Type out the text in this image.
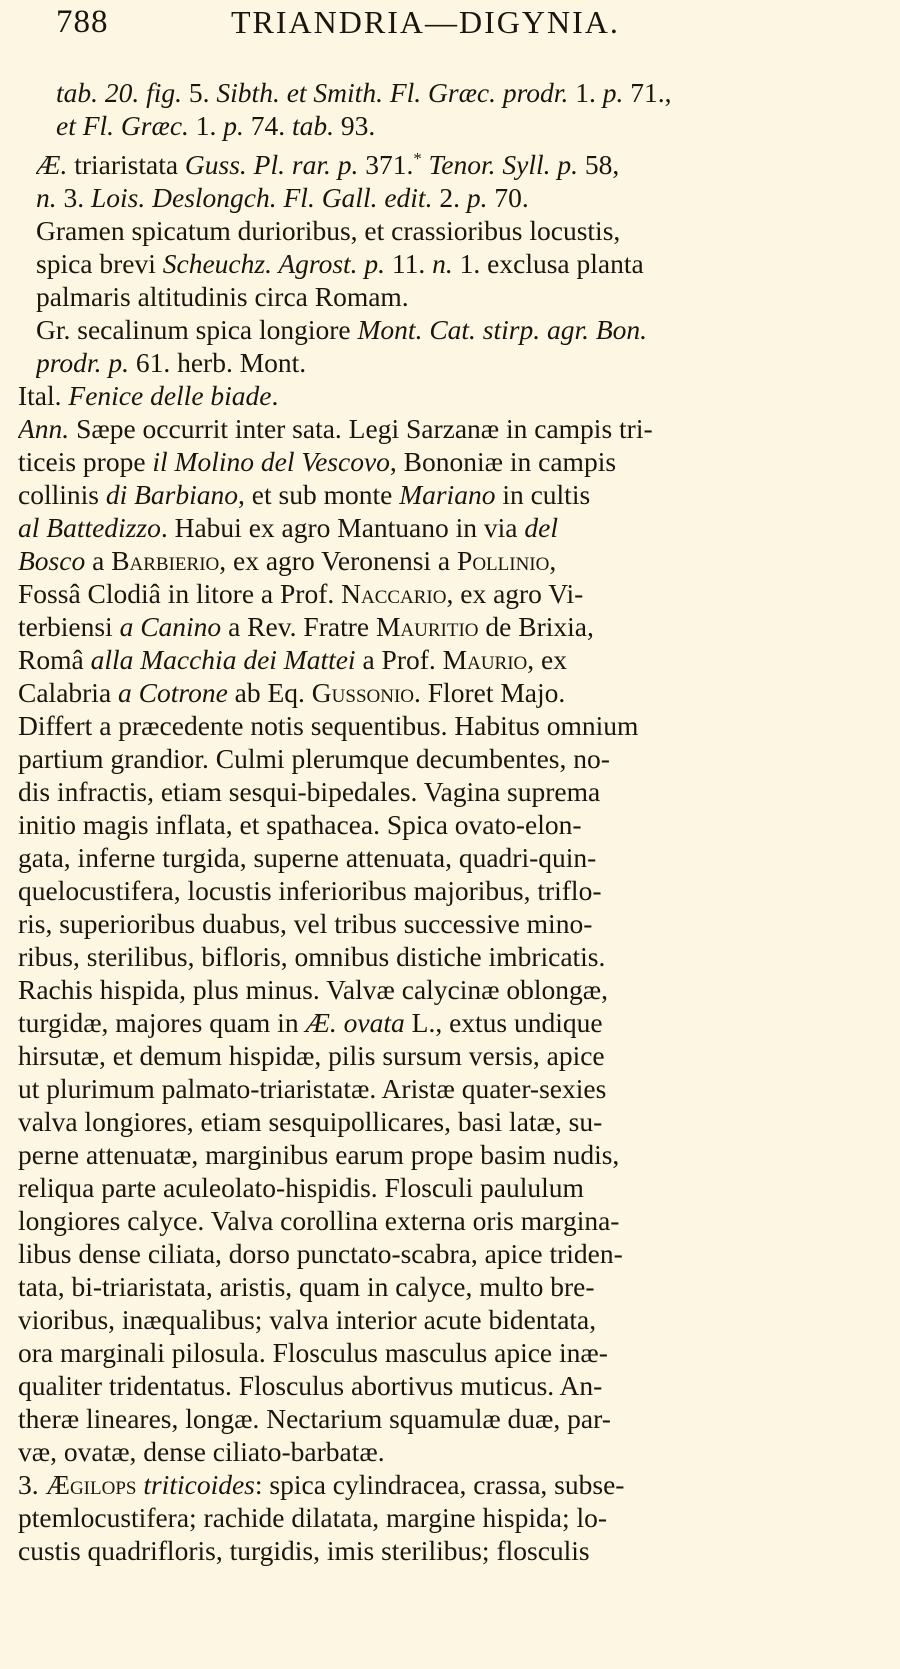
788	TRIANDRIA—DIGYNIA.
tab. 20. fig. 5. Sibth. et Smith. Fl. Græc. prodr. 1. p. 71.,
et Fl. Græc. 1. p. 74. tab. 93.
Æ. triaristata Guss. Pl. rar. p. 371.* Tenor. Syll. p. 58,
n. 3. Lois. Deslongch. Fl. Gall. edit. 2. p. 70.
Gramen spicatum durioribus, et crassioribus locustis,
spica brevi Scheuchz. Agrost. p. 11. n. 1. exclusa planta
palmaris altitudinis circa Romam.
Gr. secalinum spica longiore Mont. Cat. stirp. agr. Bon.
prodr. p. 61. herb. Mont.
Ital. Fenice delle biade.
Ann. Sæpe occurrit inter sata. Legi Sarzanæ in campis tri-
ticeis prope il Molino del Vescovo, Bononiæ in campis
collinis di Barbiano, et sub monte Mariano in cultis
al Battedizzo. Habui ex agro Mantuano in via del
Bosco a Barbierio, ex agro Veronensi a Pollinio,
Fossâ Clodiâ in litore a Prof. Naccario, ex agro Vi-
terbiensi a Canino a Rev. Fratre Mauritio de Brixia,
Româ alla Macchia dei Mattei a Prof. Maurio, ex
Calabria a Cotrone ab Eq. Gussonio. Floret Majo.
Differt a præcedente notis sequentibus. Habitus omnium
partium grandior. Culmi plerumque decumbentes, no-
dis infractis, etiam sesqui-bipedales. Vagina suprema
initio magis inflata, et spathacea. Spica ovato-elon-
gata, inferne turgida, superne attenuata, quadri-quin-
quelocustifera, locustis inferioribus majoribus, triflo-
ris, superioribus duabus, vel tribus successive mino-
ribus, sterilibus, bifloris, omnibus distiche imbricatis.
Rachis hispida, plus minus. Valvæ calycinæ oblongæ,
turgidæ, majores quam in Æ. ovata L., extus undique
hirsutæ, et demum hispidæ, pilis sursum versis, apice
ut plurimum palmato-triaristatæ. Aristæ quater-sexies
valva longiores, etiam sesquipollicares, basi latæ, su-
perne attenuatæ, marginibus earum prope basim nudis,
reliqua parte aculeolato-hispidis. Flosculi paululum
longiores calyce. Valva corollina externa oris margina-
libus dense ciliata, dorso punctato-scabra, apice triden-
tata, bi-triaristata, aristis, quam in calyce, multo bre-
vioribus, inæqualibus; valva interior acute bidentata,
ora marginali pilosula. Flosculus masculus apice inæ-
qualiter tridentatus. Flosculus abortivus muticus. An-
theræ lineares, longæ. Nectarium squamulæ duæ, par-
væ, ovatæ, dense ciliato-barbatæ.
3. Ægilops triticoides: spica cylindracea, crassa, subse-
ptemlocustifera; rachide dilatata, margine hispida; lo-
custis quadrifloris, turgidis, imis sterilibus; flosculis
